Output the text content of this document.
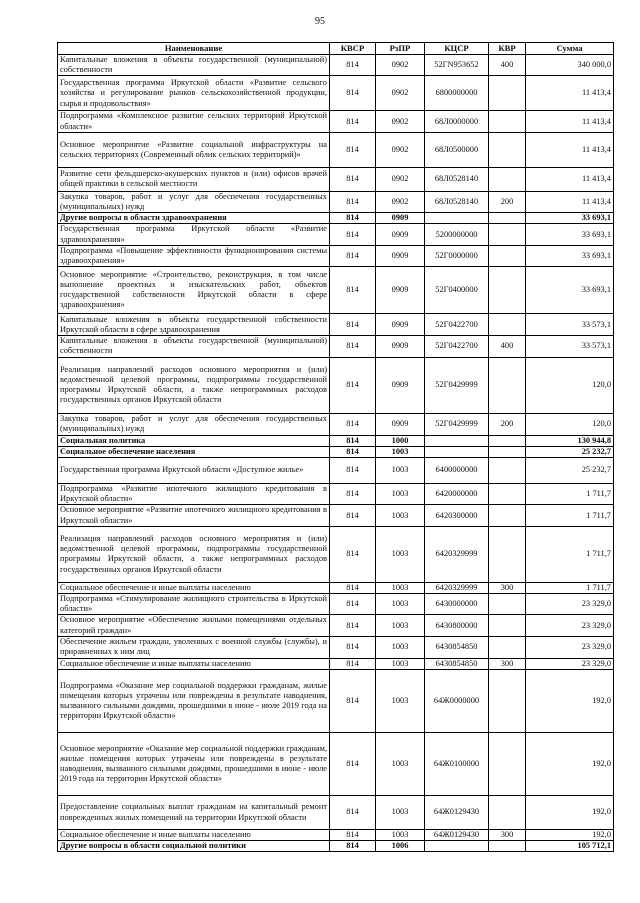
95
Наименование	КВСР	РзПР	КЦСР	КВР	Сумма
Капитальные вложения в объекты государственной (муниципальной) собственности	814	0902	52ГN953652	400	340 000,0
Государственная программа Иркутской области «Развитие сельского хозяйства и регулирование рынков сельскохозяйственной продукции, сырья и продовольствия»	814	0902	6800000000		11 413,4
Подпрограмма «Комплексное развитие сельских территорий Иркутской области»	814	0902	68Л0000000		11 413,4
Основное мероприятие «Развитие социальной инфраструктуры на сельских территориях (Современный облик сельских территорий)»	814	0902	68Л0500000		11 413,4
Развитие сети фельдшерско-акушерских пунктов и (или) офисов врачей общей практики в сельской местности	814	0902	68Л0528140		11 413,4
Закупка товаров, работ и услуг для обеспечения государственных (муниципальных) нужд	814	0902	68Л0528140	200	11 413,4
Другие вопросы в области здравоохранения	814	0909			33 693,1
Государственная программа Иркутской области «Развитие здравоохранения»	814	0909	5200000000		33 693,1
Подпрограмма «Повышение эффективности функционирования системы здравоохранения»	814	0909	52Г0000000		33 693,1
Основное мероприятие «Строительство, реконструкция, в том числе выполнение проектных и изыскательских работ, объектов государственной собственности Иркутской области в сфере здравоохранения»	814	0909	52Г0400000		33 693,1
Капитальные вложения в объекты государственной собственности Иркутской области в сфере здравоохранения	814	0909	52Г0422700		33 573,1
Капитальные вложения в объекты государственной (муниципальной) собственности	814	0909	52Г0422700	400	33 573,1
Реализация направлений расходов основного мероприятия и (или) ведомственной целевой программы, подпрограммы государственной программы Иркутской области, а также непрограммных расходов государственных органов Иркутской области	814	0909	52Г0429999		120,0
Закупка товаров, работ и услуг для обеспечения государственных (муниципальных) нужд	814	0909	52Г0429999	200	120,0
Социальная политика	814	1000			130 944,8
Социальное обеспечение населения	814	1003			25 232,7
Государственная программа Иркутской области «Доступное жилье»	814	1003	6400000000		25 232,7
Подпрограмма «Развитие ипотечного жилищного кредитования в Иркутской области»	814	1003	6420000000		1 711,7
Основное мероприятие «Развитие ипотечного жилищного кредитования в Иркутской области»	814	1003	6420300000		1 711,7
Реализация направлений расходов основного мероприятия и (или) ведомственной целевой программы, подпрограммы государственной программы Иркутской области, а также непрограммных расходов государственных органов Иркутской области	814	1003	6420329999		1 711,7
Социальное обеспечение и иные выплаты населению	814	1003	6420329999	300	1 711,7
Подпрограмма «Стимулирование жилищного строительства в Иркутской области»	814	1003	6430000000		23 329,0
Основное мероприятие «Обеспечение жилыми помещениями отдельных категорий граждан»	814	1003	6430800000		23 329,0
Обеспечение жильем граждан, уволенных с военной службы (службы), и приравненных к ним лиц	814	1003	6430854850		23 329,0
Социальное обеспечение и иные выплаты населению	814	1003	6430854850	300	23 329,0
Подпрограмма «Оказание мер социальной поддержки гражданам, жилые помещения которых утрачены или повреждены в результате наводнения, вызванного сильными дождями, прошедшими в июне - июле 2019 года на территории Иркутской области»	814	1003	64Ж0000000		192,0
Основное мероприятие «Оказание мер социальной поддержки гражданам, жилые помещения которых утрачены или повреждены в результате наводнения, вызванного сильными дождями, прошедшими в июне - июле 2019 года на территории Иркутской области»	814	1003	64Ж0100000		192,0
Предоставление социальных выплат гражданам на капитальный ремонт поврежденных жилых помещений на территории Иркутской области	814	1003	64Ж0129430		192,0
Социальное обеспечение и иные выплаты населению	814	1003	64Ж0129430	300	192,0
Другие вопросы в области социальной политики	814	1006			105 712,1
